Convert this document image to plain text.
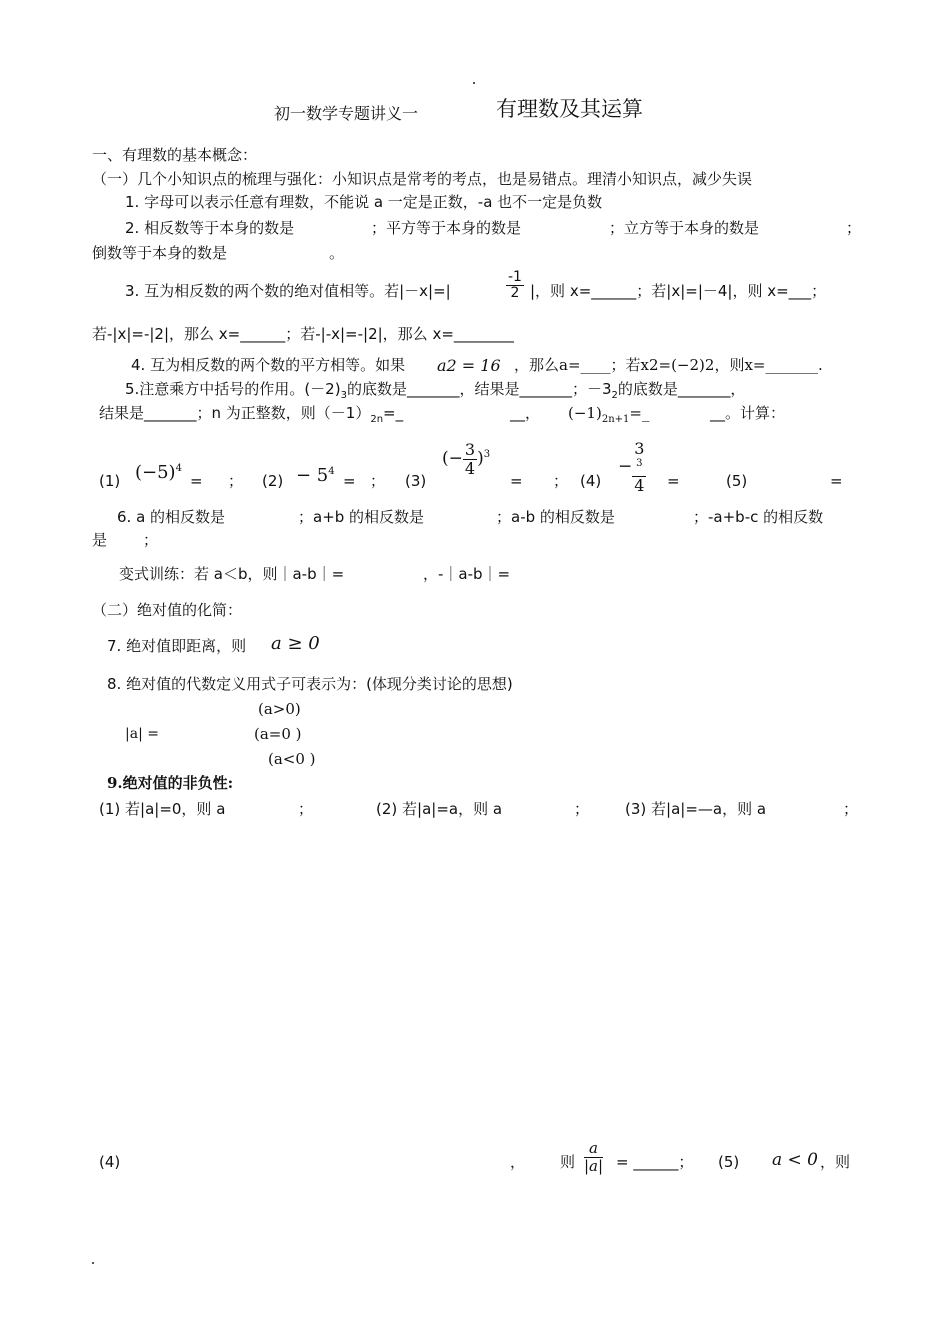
初一数学专题讲义一	有理数及其运算
一、有理数的基本概念：
（一）几个小知识点的梳理与强化：小知识点是常考的考点，也是易错点。理清小知识点，减少失误
1. 字母可以表示任意有理数，不能说 a 一定是正数，-a 也不一定是负数
2. 相反数等于本身的数是	；平方等于本身的数是	；立方等于本身的数是	；
倒数等于本身的数是	。
3. 互为相反数的两个数的绝对值相等。若|－x|=|	$\frac{-1}{2}$ |，则 x=______；若|x|=|－4|，则 x=___；
若-|x|=-|2|，那么 x=______；若-|-x|=-|2|，那么 x=________
4. 互为相反数的两个数的平方相等。如果 a2 = 16 ，那么a=____；若x2=(−2)2，则x=_______.
5.注意乘方中括号的作用。$(-2)_3$的底数是_______，结果是_______；$-3_2$的底数是_______，
结果是_______；n 为正整数，则$(-1)_{2n}=\_$	__， $(-1)_{2n+1}=\_$	__。计算：
(1) $(-5)^4$
= ； $(2) - 5^4$
= ； (3)
(− $\frac{3}{4} )^3$
= ； (4)
− 3
$^3$
4 =	(5)	=
6. a 的相反数是	；a+b 的相反数是	；a-b 的相反数是	；-a+b-c 的相反数
是 ；
变式训练：若 a＜b，则｜a-b｜=	，-｜a-b｜=
（二）绝对值的化简：
7. 绝对值即距离，则 a ≥ 0
8. 绝对值的代数定义用式子可表示为：(体现分类讨论的思想)
|a| =
(a>0)
(a=0 )
(a<0 )
9.绝对值的非负性:
(1) 若|a|=0，则 a	；	(2) 若|a|=a，则 a	； (3) 若|a|=—a，则 a	；
(4)	， 则 $\frac{a}{|a|}$ = ______； (5) a < 0 ，则
